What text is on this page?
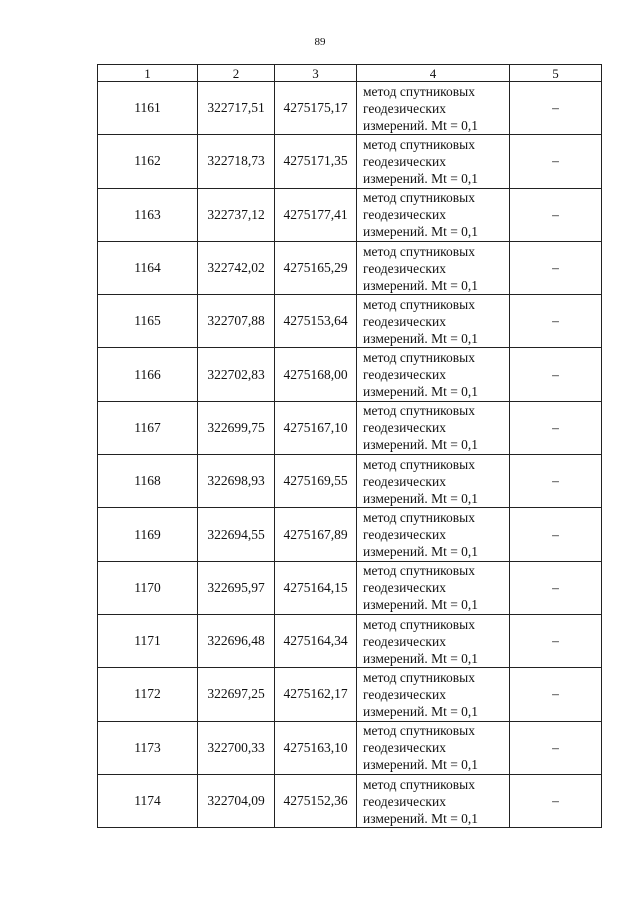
89
1	2	3	4	5
1161	322717,51	4275175,17	метод спутниковых
геодезических
измерений. Mt = 0,1	–
1162	322718,73	4275171,35	метод спутниковых
геодезических
измерений. Mt = 0,1	–
1163	322737,12	4275177,41	метод спутниковых
геодезических
измерений. Mt = 0,1	–
1164	322742,02	4275165,29	метод спутниковых
геодезических
измерений. Mt = 0,1	–
1165	322707,88	4275153,64	метод спутниковых
геодезических
измерений. Mt = 0,1	–
1166	322702,83	4275168,00	метод спутниковых
геодезических
измерений. Mt = 0,1	–
1167	322699,75	4275167,10	метод спутниковых
геодезических
измерений. Mt = 0,1	–
1168	322698,93	4275169,55	метод спутниковых
геодезических
измерений. Mt = 0,1	–
1169	322694,55	4275167,89	метод спутниковых
геодезических
измерений. Mt = 0,1	–
1170	322695,97	4275164,15	метод спутниковых
геодезических
измерений. Mt = 0,1	–
1171	322696,48	4275164,34	метод спутниковых
геодезических
измерений. Mt = 0,1	–
1172	322697,25	4275162,17	метод спутниковых
геодезических
измерений. Mt = 0,1	–
1173	322700,33	4275163,10	метод спутниковых
геодезических
измерений. Mt = 0,1	–
1174	322704,09	4275152,36	метод спутниковых
геодезических
измерений. Mt = 0,1	–
